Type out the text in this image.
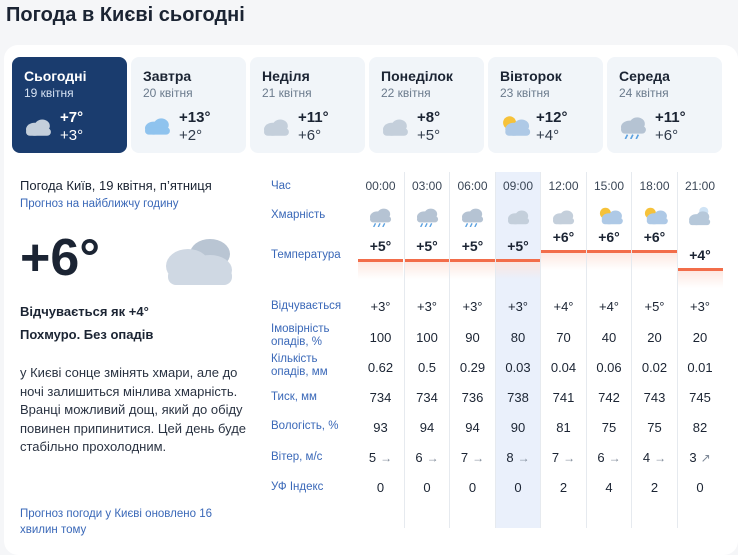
Погода в Києві сьогодні
Сьогодні
19 квітня
+7°
+3°
Завтра
20 квітня
+13°
+2°
Неділя
21 квітня
+11°
+6°
Понеділок
22 квітня
+8°
+5°
Вівторок
23 квітня
+12°
+4°
Середа
24 квітня
+11°
+6°
Погода Київ, 19 квітня, п’ятниця
Прогноз на найближчу годину
+6°
Відчувається як +4°
Похмуро. Без опадів
у Києві сонце змінять хмари, але до ночі залишиться мінлива хмарність. Вранці можливий дощ, який до обіду повинен припинитися. Цей день буде стабільно прохолодним.
Прогноз погоди у Києві оновлено 16 хвилин тому
Час
Хмарність
Температура
Відчувається
Імовірність опадів, %
Кількість опадів, мм
Тиск, мм
Вологість, %
Вітер, м/с
УФ Індекс
00:00
+5°
+3°
100
0.62
734
93
5 →
0
03:00
+5°
+3°
100
0.5
734
94
6 →
0
06:00
+5°
+3°
90
0.29
736
94
7 →
0
09:00
+5°
+3°
80
0.03
738
90
8 →
0
12:00
+6°
+4°
70
0.04
741
81
7 →
2
15:00
+6°
+4°
40
0.06
742
75
6 →
4
18:00
+6°
+5°
20
0.02
743
75
4 →
2
21:00
+4°
+3°
20
0.01
745
82
3 ↗
0
